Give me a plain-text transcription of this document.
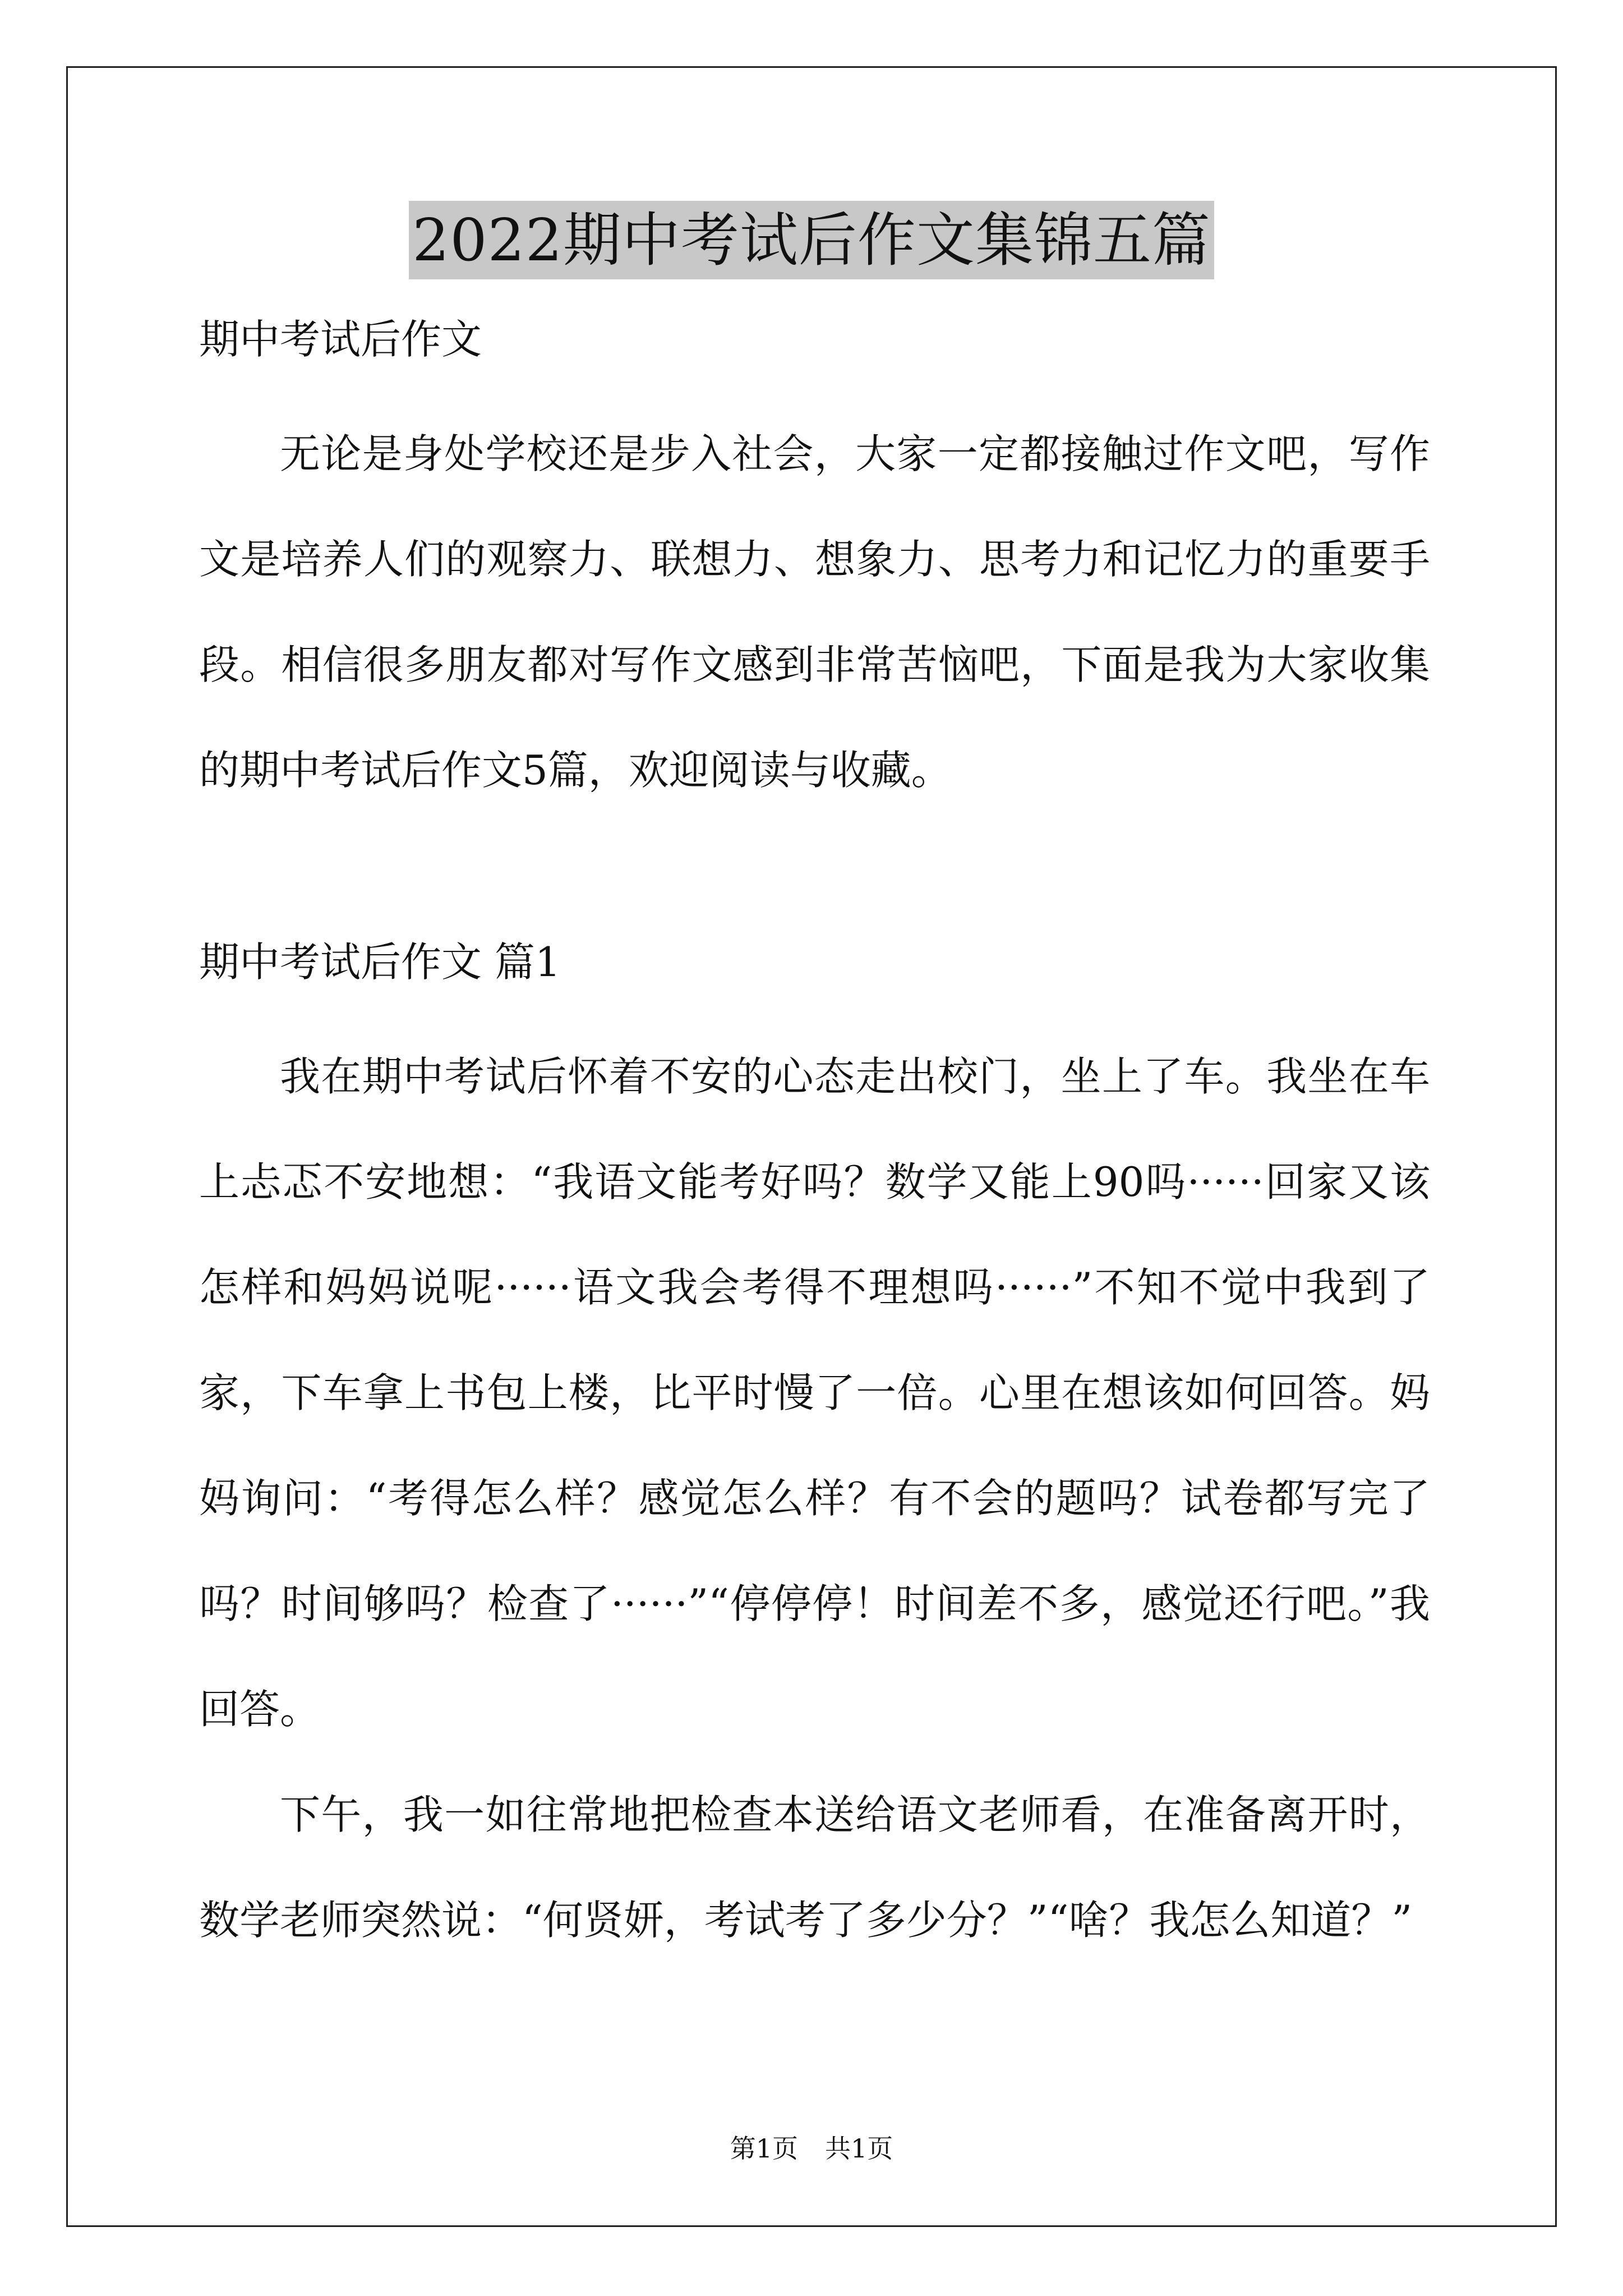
2022期中考试后作文集锦五篇

期中考试后作文

无论是身处学校还是步入社会，大家一定都接触过作文吧，写作文是培养人们的观察力、联想力、想象力、思考力和记忆力的重要手段。相信很多朋友都对写作文感到非常苦恼吧，下面是我为大家收集的期中考试后作文5篇，欢迎阅读与收藏。

期中考试后作文 篇1

我在期中考试后怀着不安的心态走出校门，坐上了车。我坐在车上忐忑不安地想：“我语文能考好吗？数学又能上90吗······回家又该怎样和妈妈说呢······语文我会考得不理想吗······”不知不觉中我到了家，下车拿上书包上楼，比平时慢了一倍。心里在想该如何回答。妈妈询问：“考得怎么样？感觉怎么样？有不会的题吗？试卷都写完了吗？时间够吗？检查了······”“停停停！时间差不多，感觉还行吧。”我回答。

下午，我一如往常地把检查本送给语文老师看，在准备离开时，数学老师突然说：“何贤妍，考试考了多少分？”“啥？我怎么知道？”

第1页 共1页
